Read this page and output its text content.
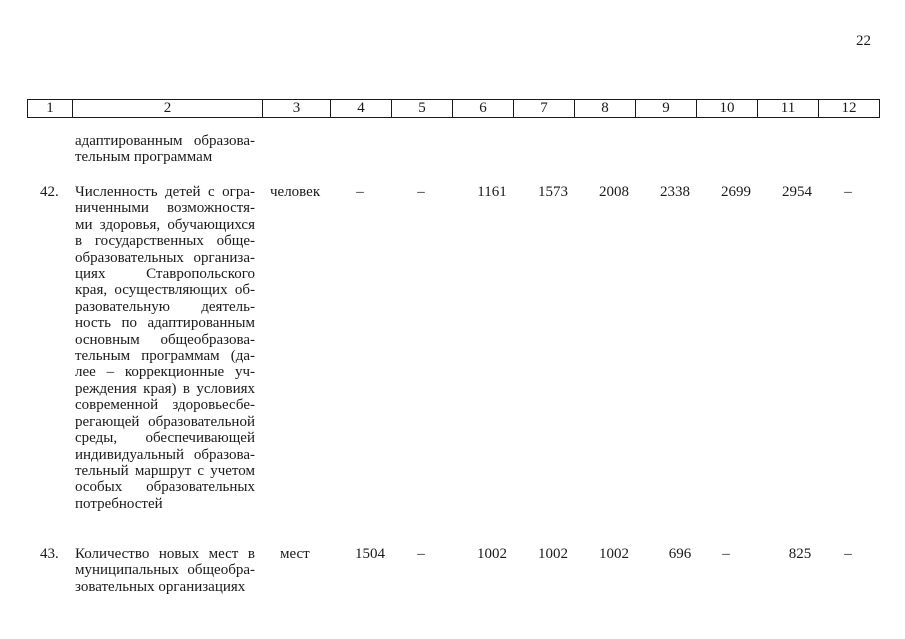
22
1	2	3	4	5	6	7	8	9	10	11	12
адаптированным образова-
тельным программам
42.	Численность детей с огра-
ниченными возможностя-
ми здоровья, обучающихся
в государственных обще-
образовательных организа-
циях Ставропольского
края, осуществляющих об-
разовательную деятель-
ность по адаптированным
основным общеобразова-
тельным программам (да-
лее – коррекционные уч-
реждения края) в условиях
современной здоровьесбе-
регающей образовательной
среды, обеспечивающей
индивидуальный образова-
тельный маршрут с учетом
особых образовательных
потребностей
человек	–	–	1161	1573	2008	2338	2699	2954	–
43.	Количество новых мест в
муниципальных общеобра-
зовательных организациях
мест	1504	–	1002	1002	1002	696	–	825	–
